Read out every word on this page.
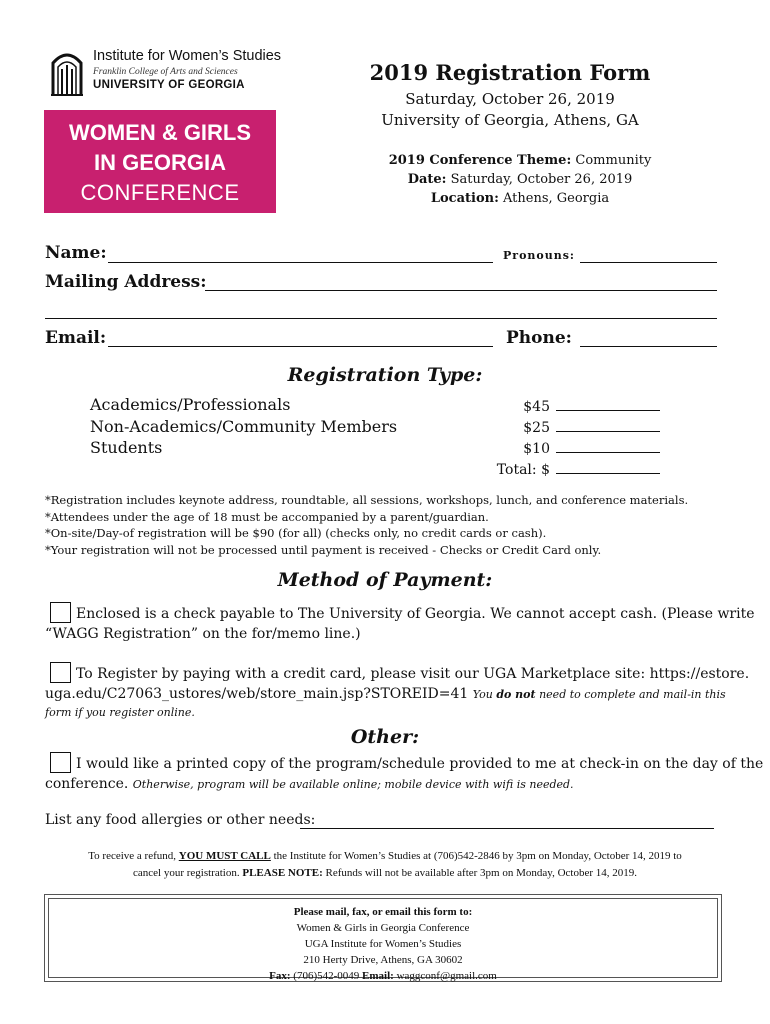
Institute for Women’s Studies
Franklin College of Arts and Sciences
UNIVERSITY OF GEORGIA
WOMEN & GIRLS
IN GEORGIA
CONFERENCE
2019 Registration Form
Saturday, October 26, 2019
University of Georgia, Athens, GA
2019 Conference Theme: Community
Date: Saturday, October 26, 2019
Location: Athens, Georgia
Name:	Pronouns:
Mailing Address:
Email:	Phone:
Registration Type:
Academics/Professionals
Non-Academics/Community Members
Students
$45
$25
$10
Total: $
*Registration includes keynote address, roundtable, all sessions, workshops, lunch, and conference materials.
*Attendees under the age of 18 must be accompanied by a parent/guardian.
*On-site/Day-of registration will be $90 (for all) (checks only, no credit cards or cash).
*Your registration will not be processed until payment is received - Checks or Credit Card only.
Method of Payment:
Enclosed is a check payable to The University of Georgia. We cannot accept cash. (Please write
“WAGG Registration” on the for/memo line.)
To Register by paying with a credit card, please visit our UGA Marketplace site: https://estore.
uga.edu/C27063_ustores/web/store_main.jsp?STOREID=41 You do not need to complete and mail-in this
form if you register online.
Other:
I would like a printed copy of the program/schedule provided to me at check-in on the day of the
conference. Otherwise, program will be available online; mobile device with wifi is needed.
List any food allergies or other needs:
To receive a refund, YOU MUST CALL the Institute for Women’s Studies at (706)542-2846 by 3pm on Monday, October 14, 2019 to
cancel your registration. PLEASE NOTE: Refunds will not be available after 3pm on Monday, October 14, 2019.
Please mail, fax, or email this form to:
Women & Girls in Georgia Conference
UGA Institute for Women’s Studies
210 Herty Drive, Athens, GA 30602
Fax: (706)542-0049 Email: waggconf@gmail.com
